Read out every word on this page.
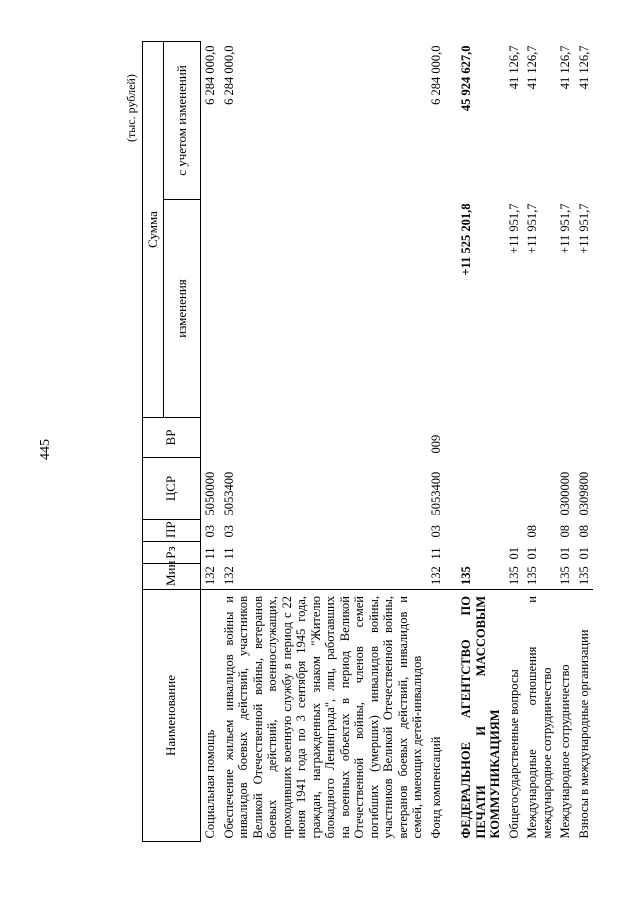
445
(тыс. рублей)
Наименование	Мин	Рз	ПР	ЦСР	ВР	Сумма	
						изменения	с учетом изменений
Социальная помощь	132	11	03	5050000			6 284 000,0
Обеспечение жильем инвалидов войны и инвалидов боевых действий, участников Великой Отечественной войны, ветеранов боевых действий, военнослужащих, проходивших военную службу в период с 22 июня 1941 года по 3 сентября 1945 года, граждан, награжденных знаком "Жителю блокадного Ленинграда", лиц, работавших на военных объектах в период Великой Отечественной войны, членов семей погибших (умерших) инвалидов войны, участников Великой Отечественной войны, ветеранов боевых действий, инвалидов и семей, имеющих детей-инвалидов	132	11	03	5053400			6 284 000,0
Фонд компенсаций	132	11	03	5053400	009		6 284 000,0
ФЕДЕРАЛЬНОЕ АГЕНТСТВО ПО ПЕЧАТИ И МАССОВЫМ КОММУНИКАЦИЯМ	135					+11 525 201,8	45 924 627,0
Общегосударственные вопросы	135	01				+11 951,7	41 126,7
Международные отношения и международное сотрудничество	135	01	08			+11 951,7	41 126,7
Международное сотрудничество	135	01	08	0300000		+11 951,7	41 126,7
Взносы в международные организации	135	01	08	0309800		+11 951,7	41 126,7
